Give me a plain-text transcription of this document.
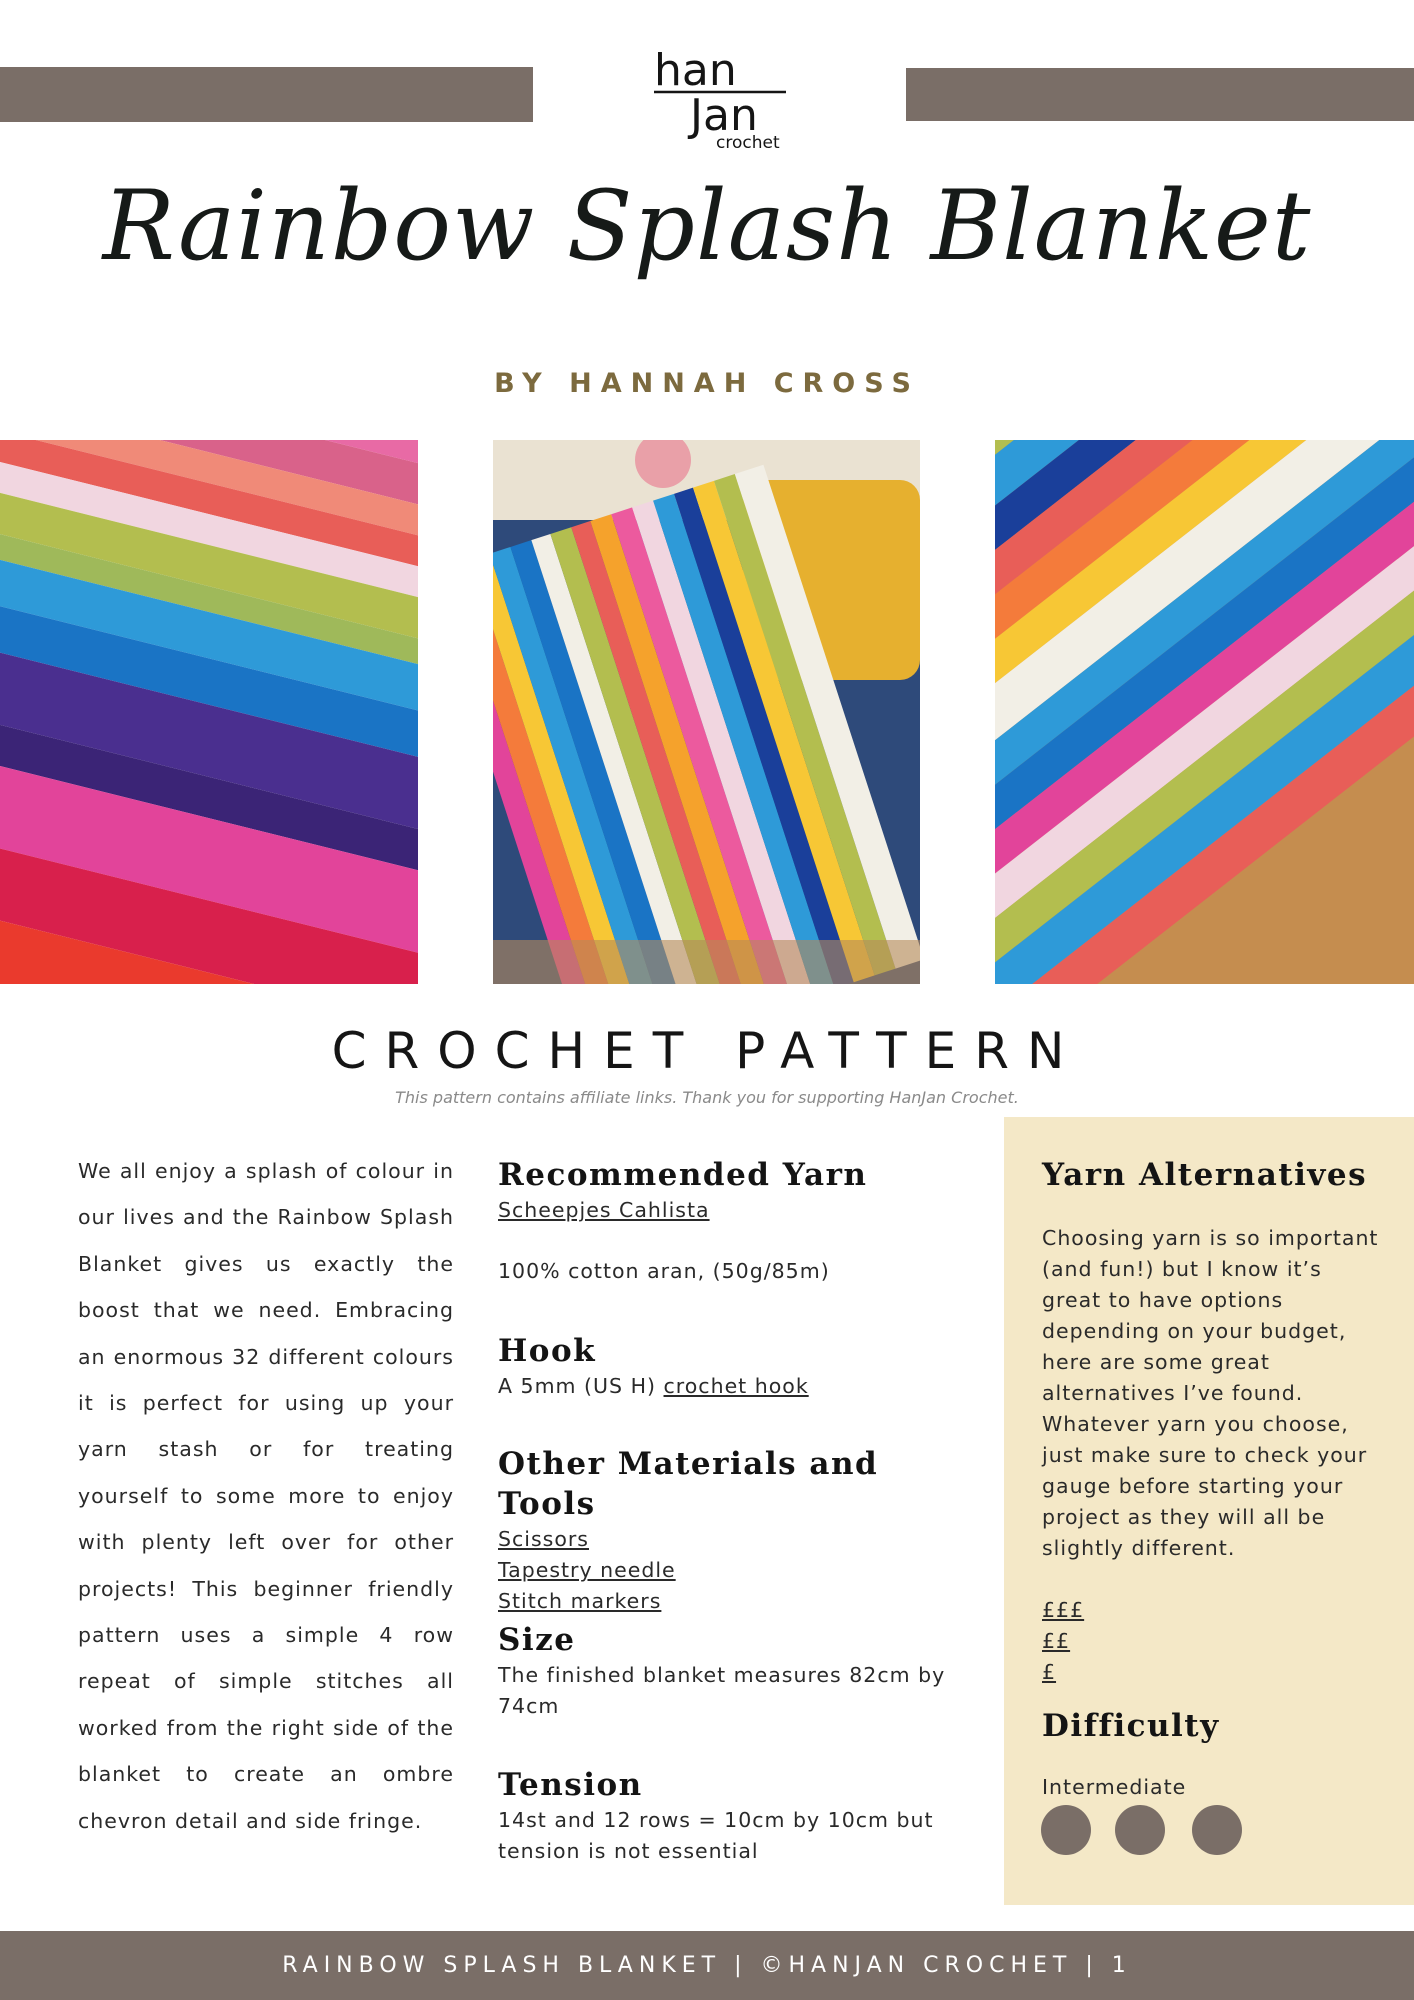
han
Jan
crochet
Rainbow Splash Blanket
BY HANNAH CROSS
CROCHET PATTERN
This pattern contains affiliate links. Thank you for supporting HanJan Crochet.

We all enjoy a splash of colour in our lives and the Rainbow Splash Blanket gives us exactly the boost that we need. Embracing an enormous 32 different colours it is perfect for using up your yarn stash or for treating yourself to some more to enjoy with plenty left over for other projects! This beginner friendly pattern uses a simple 4 row repeat of simple stitches all worked from the right side of the blanket to create an ombre chevron detail and side fringe.

Recommended Yarn
Scheepjes Cahlista

100% cotton aran, (50g/85m)

Hook

A 5mm (US H) crochet hook

Other Materials and Tools
Scissors
Tapestry needle
Stitch markers
Size

The finished blanket measures 82cm by 74cm

Tension

14st and 12 rows = 10cm by 10cm but tension is not essential

Yarn Alternatives

Choosing yarn is so important (and fun!) but I know it’s great to have options depending on your budget, here are some great alternatives I’ve found. Whatever yarn you choose, just make sure to check your gauge before starting your project as they will all be slightly different.

£££
££
£
Difficulty

Intermediate

RAINBOW SPLASH BLANKET | ©HANJAN CROCHET | 1
